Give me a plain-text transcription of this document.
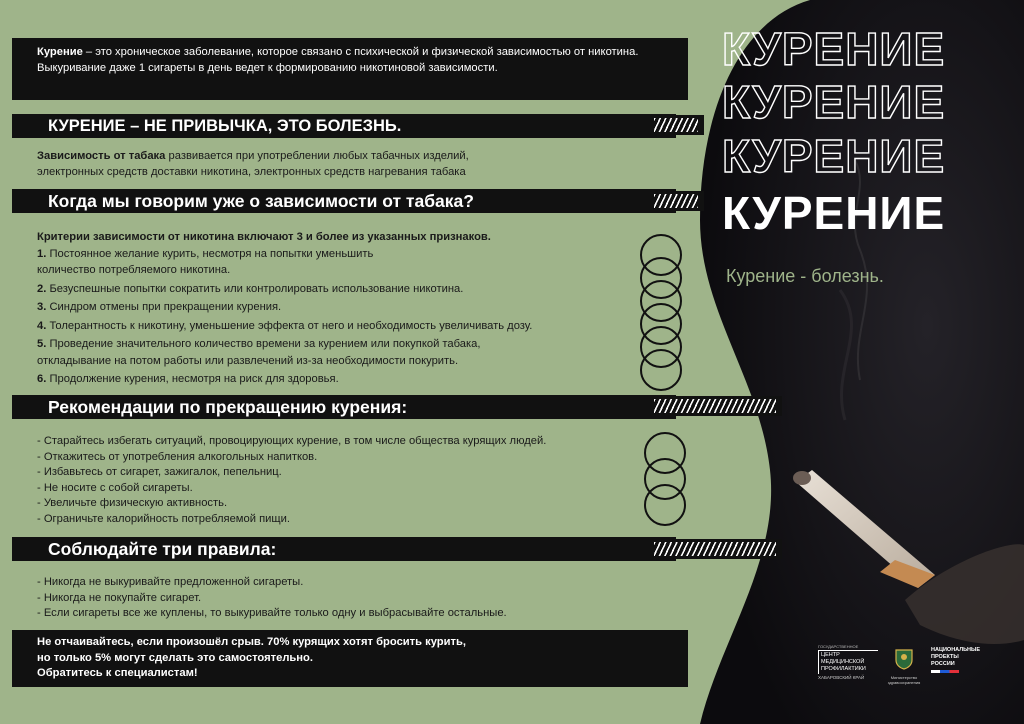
Курение – это хроническое заболевание, которое связано с психической и физической зависимостью от никотина. Выкуривание даже 1 сигареты в день ведет к формированию никотиновой зависимости.
КУРЕНИЕ – НЕ ПРИВЫЧКА, ЭТО БОЛЕЗНЬ.
Зависимость от табака развивается при употреблении любых табачных изделий,
электронных средств доставки никотина, электронных средств нагревания табака
Когда мы говорим уже о зависимости от табака?
Критерии зависимости от никотина включают 3 и более из указанных признаков.

1. Постоянное желание курить, несмотря на попытки уменьшить
количество потребляемого никотина.
2. Безуспешные попытки сократить или контролировать использование никотина.
3. Синдром отмены при прекращении курения.
4. Толерантность к никотину, уменьшение эффекта от него и необходимость увеличивать дозу.
5. Проведение значительного количество времени за курением или покупкой табака,
откладывание на потом работы или развлечений из-за необходимости покурить.
6. Продолжение курения, несмотря на риск для здоровья.
Рекомендации по прекращению курения:
- Старайтесь избегать ситуаций, провоцирующих курение, в том числе общества курящих людей.
- Откажитесь от употребления алкогольных напитков.
- Избавьтесь от сигарет, зажигалок, пепельниц.
- Не носите с собой сигареты.
- Увеличьте физическую активность.
- Ограничьте калорийность потребляемой пищи.
Соблюдайте три правила:
- Никогда не выкуривайте предложенной сигареты.
- Никогда не покупайте сигарет.
- Если сигареты все же куплены, то выкуривайте только одну и выбрасывайте остальные.
Не отчаивайтесь, если произошёл срыв. 70% курящих хотят бросить курить,
но только 5% могут сделать это самостоятельно.
Обратитесь к специалистам!
КУРЕНИЕ
КУРЕНИЕ
КУРЕНИЕ
КУРЕНИЕ
Курение - болезнь.
ГОСУДАРСТВЕННОЕ
ЦЕНТР
МЕДИЦИНСКОЙ
ПРОФИЛАКТИКИ
ХАБАРОВСКИЙ КРАЙ	Министерство здравоохранения
НАЦИОНАЛЬНЫЕ
ПРОЕКТЫ
РОССИИ
